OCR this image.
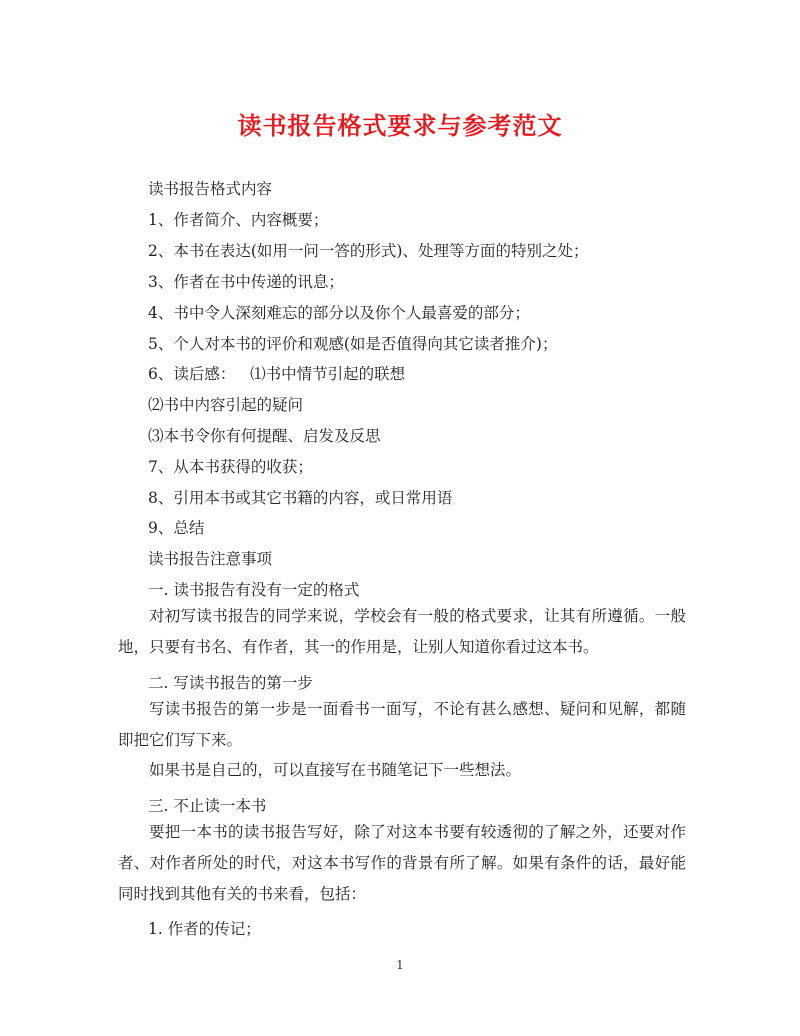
读书报告格式要求与参考范文
读书报告格式内容
1、作者简介、内容概要；
2、本书在表达(如用一问一答的形式)、处理等方面的特别之处；
3、作者在书中传递的讯息；
4、书中令人深刻难忘的部分以及你个人最喜爱的部分；
5、个人对本书的评价和观感(如是否值得向其它读者推介)；
6、读后感：   ⑴书中情节引起的联想
⑵书中内容引起的疑问
⑶本书令你有何提醒、启发及反思
7、从本书获得的收获；
8、引用本书或其它书籍的内容，或日常用语
9、总结
读书报告注意事项
一. 读书报告有没有一定的格式
对初写读书报告的同学来说，学校会有一般的格式要求，让其有所遵循。一般地，只要有书名、有作者，其一的作用是，让别人知道你看过这本书。
二. 写读书报告的第一步
写读书报告的第一步是一面看书一面写，不论有甚么感想、疑问和见解，都随即把它们写下来。
如果书是自己的，可以直接写在书随笔记下一些想法。
三. 不止读一本书
要把一本书的读书报告写好，除了对这本书要有较透彻的了解之外，还要对作者、对作者所处的时代，对这本书写作的背景有所了解。如果有条件的话，最好能同时找到其他有关的书来看，包括：
1. 作者的传记；
1
